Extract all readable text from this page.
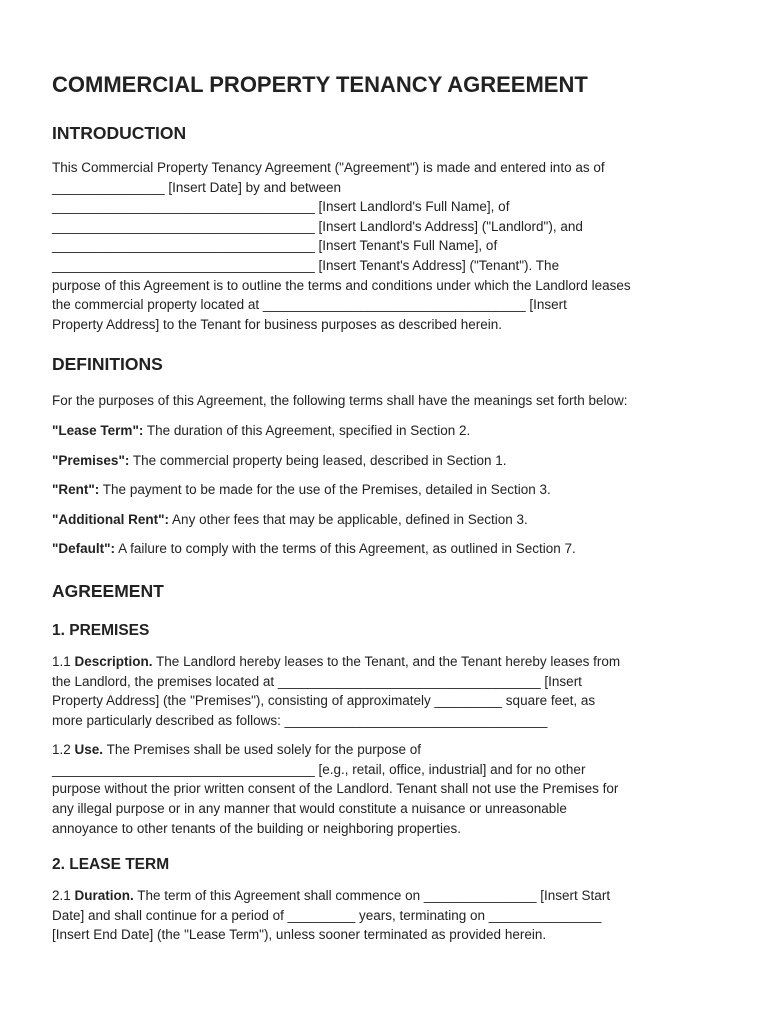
COMMERCIAL PROPERTY TENANCY AGREEMENT
INTRODUCTION

This Commercial Property Tenancy Agreement ("Agreement") is made and entered into as of
_______________ [Insert Date] by and between
___________________________________ [Insert Landlord's Full Name], of
___________________________________ [Insert Landlord's Address] ("Landlord"), and
___________________________________ [Insert Tenant's Full Name], of
___________________________________ [Insert Tenant's Address] ("Tenant"). The
purpose of this Agreement is to outline the terms and conditions under which the Landlord leases
the commercial property located at ___________________________________ [Insert
Property Address] to the Tenant for business purposes as described herein.

DEFINITIONS

For the purposes of this Agreement, the following terms shall have the meanings set forth below:

"Lease Term": The duration of this Agreement, specified in Section 2.

"Premises": The commercial property being leased, described in Section 1.

"Rent": The payment to be made for the use of the Premises, detailed in Section 3.

"Additional Rent": Any other fees that may be applicable, defined in Section 3.

"Default": A failure to comply with the terms of this Agreement, as outlined in Section 7.

AGREEMENT
1. PREMISES

1.1 Description. The Landlord hereby leases to the Tenant, and the Tenant hereby leases from
the Landlord, the premises located at ___________________________________ [Insert
Property Address] (the "Premises"), consisting of approximately _________ square feet, as
more particularly described as follows: ___________________________________

1.2 Use. The Premises shall be used solely for the purpose of
___________________________________ [e.g., retail, office, industrial] and for no other
purpose without the prior written consent of the Landlord. Tenant shall not use the Premises for
any illegal purpose or in any manner that would constitute a nuisance or unreasonable
annoyance to other tenants of the building or neighboring properties.

2. LEASE TERM

2.1 Duration. The term of this Agreement shall commence on _______________ [Insert Start
Date] and shall continue for a period of _________ years, terminating on _______________
[Insert End Date] (the "Lease Term"), unless sooner terminated as provided herein.
